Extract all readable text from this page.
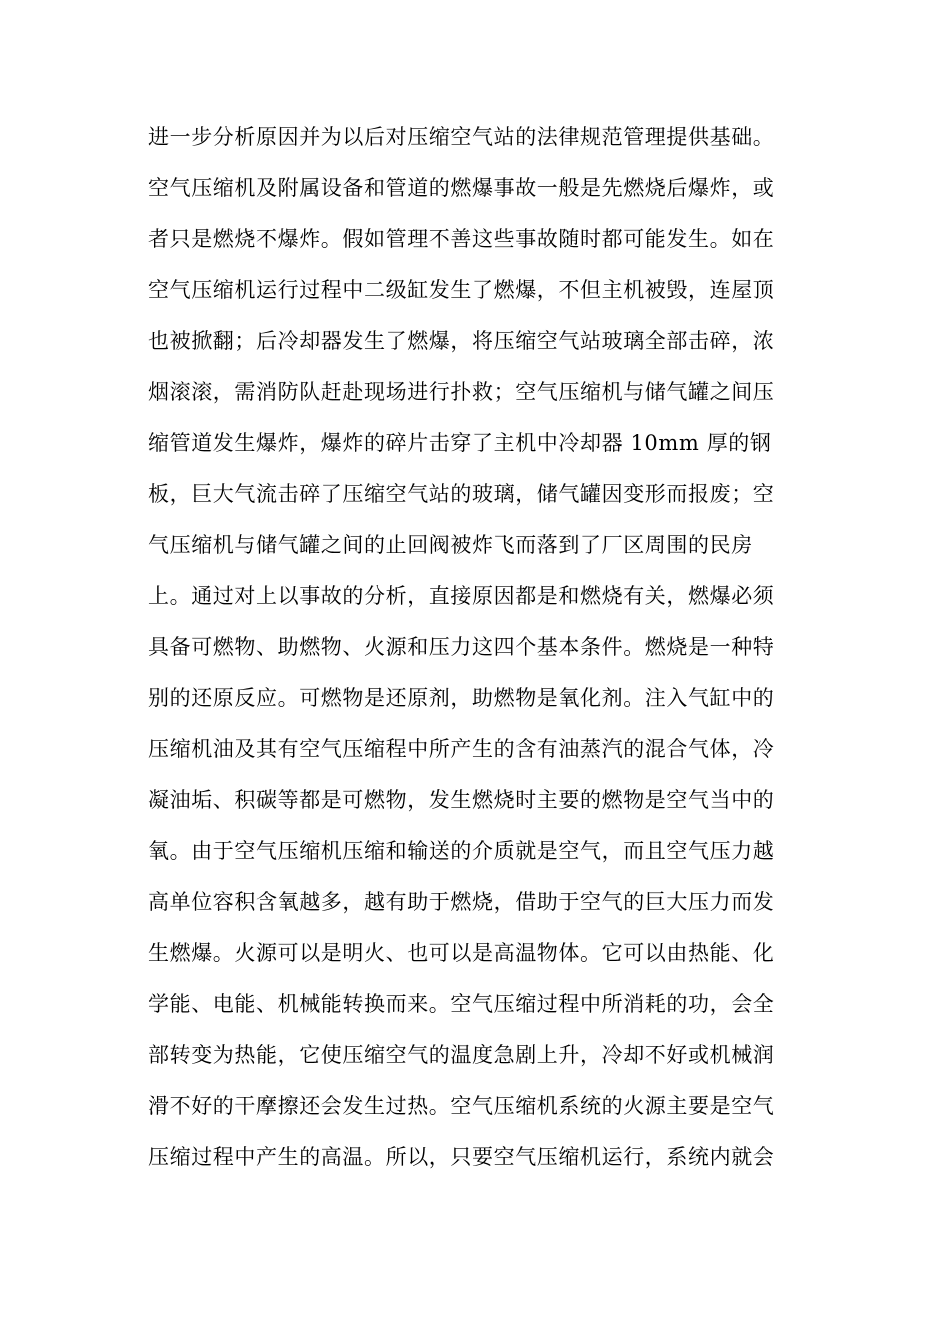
进一步分析原因并为以后对压缩空气站的法律规范管理提供基础。
空气压缩机及附属设备和管道的燃爆事故一般是先燃烧后爆炸，或
者只是燃烧不爆炸。假如管理不善这些事故随时都可能发生。如在
空气压缩机运行过程中二级缸发生了燃爆，不但主机被毁，连屋顶
也被掀翻；后冷却器发生了燃爆，将压缩空气站玻璃全部击碎，浓
烟滚滚，需消防队赶赴现场进行扑救；空气压缩机与储气罐之间压
缩管道发生爆炸，爆炸的碎片击穿了主机中冷却器 10mm 厚的钢
板，巨大气流击碎了压缩空气站的玻璃，储气罐因变形而报废；空
气压缩机与储气罐之间的止回阀被炸飞而落到了厂区周围的民房
上。通过对上以事故的分析，直接原因都是和燃烧有关，燃爆必须
具备可燃物、助燃物、火源和压力这四个基本条件。燃烧是一种特
别的还原反应。可燃物是还原剂，助燃物是氧化剂。注入气缸中的
压缩机油及其有空气压缩程中所产生的含有油蒸汽的混合气体，冷
凝油垢、积碳等都是可燃物，发生燃烧时主要的燃物是空气当中的
氧。由于空气压缩机压缩和输送的介质就是空气，而且空气压力越
高单位容积含氧越多，越有助于燃烧，借助于空气的巨大压力而发
生燃爆。火源可以是明火、也可以是高温物体。它可以由热能、化
学能、电能、机械能转换而来。空气压缩过程中所消耗的功，会全
部转变为热能，它使压缩空气的温度急剧上升，冷却不好或机械润
滑不好的干摩擦还会发生过热。空气压缩机系统的火源主要是空气
压缩过程中产生的高温。所以，只要空气压缩机运行，系统内就会
